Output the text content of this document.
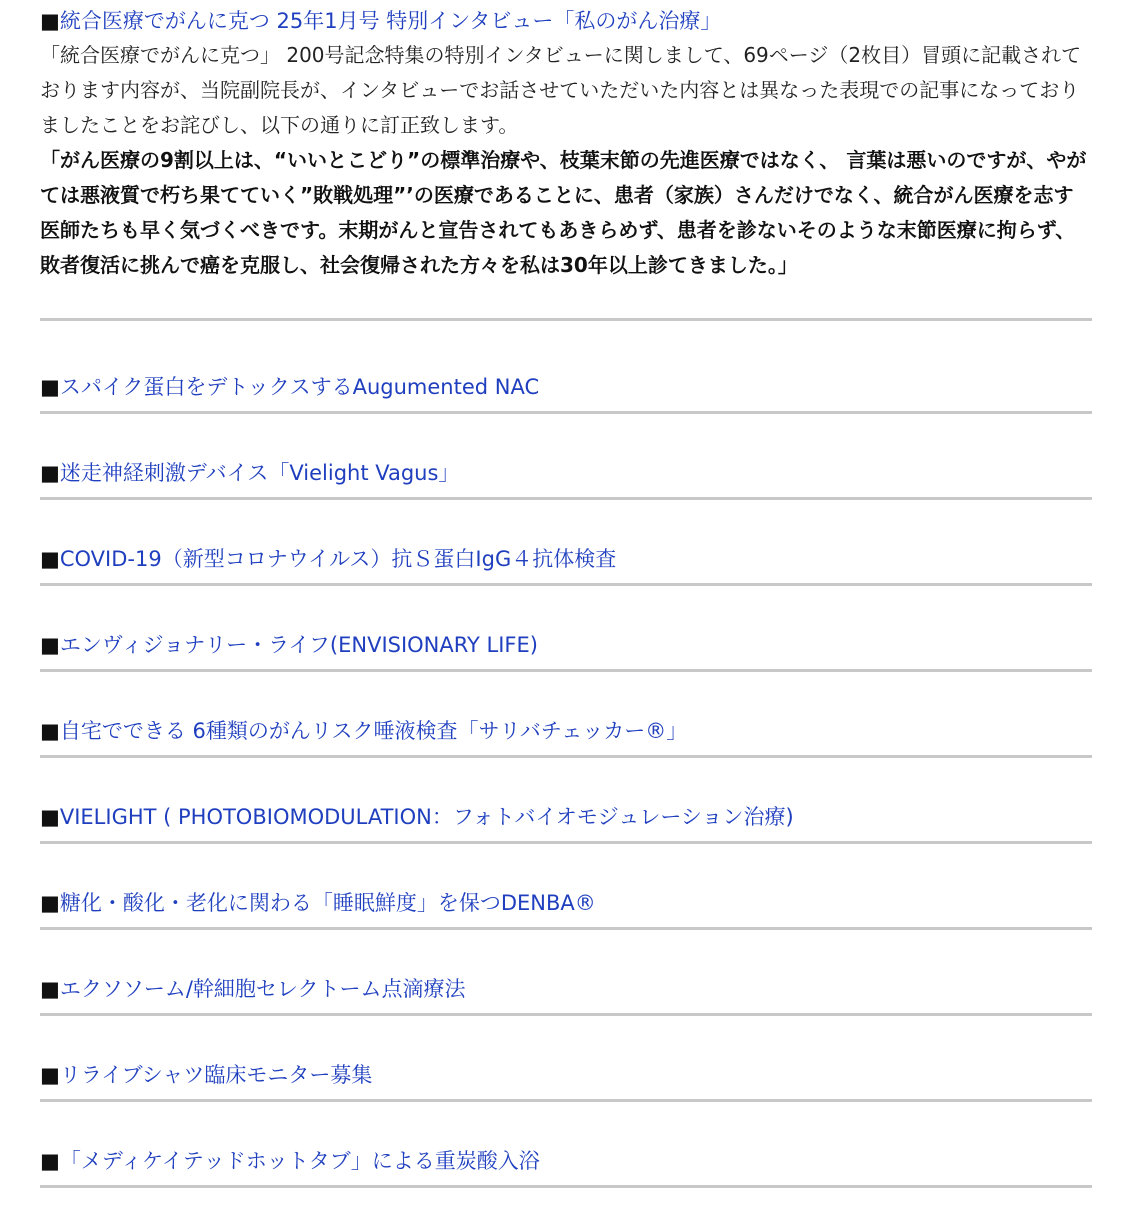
■統合医療でがんに克つ 25年1月号 特別インタビュー「私のがん治療」

「統合医療でがんに克つ」 200号記念特集の特別インタビューに関しまして、69ページ（2枚目）冒頭に記載されております内容が、当院副院長が、インタビューでお話させていただいた内容とは異なった表現での記事になっておりましたことをお詫びし、以下の通りに訂正致します。

「がん医療の9割以上は、“いいとこどり”の標準治療や、枝葉末節の先進医療ではなく、 言葉は悪いのですが、やがては悪液質で朽ち果てていく”敗戦処理”’の医療であることに、患者（家族）さんだけでなく、統合がん医療を志す医師たちも早く気づくべきです。末期がんと宣告されてもあきらめず、患者を診ないそのような末節医療に拘らず、敗者復活に挑んで癌を克服し、社会復帰された方々を私は30年以上診てきました。」

■スパイク蛋白をデトックスするAugumented NAC
■迷走神経刺激デバイス「Vielight Vagus」
■COVID-19（新型コロナウイルス）抗Ｓ蛋白IgG４抗体検査
■エンヴィジョナリー・ライフ(ENVISIONARY LIFE)
■自宅でできる 6種類のがんリスク唾液検査「サリバチェッカー®」
■VIELIGHT ( PHOTOBIOMODULATION：フォトバイオモジュレーション治療)
■糖化・酸化・老化に関わる「睡眠鮮度」を保つDENBA®
■エクソソーム/幹細胞セレクトーム点滴療法
■リライブシャツ臨床モニター募集
■「メディケイテッドホットタブ」による重炭酸入浴
